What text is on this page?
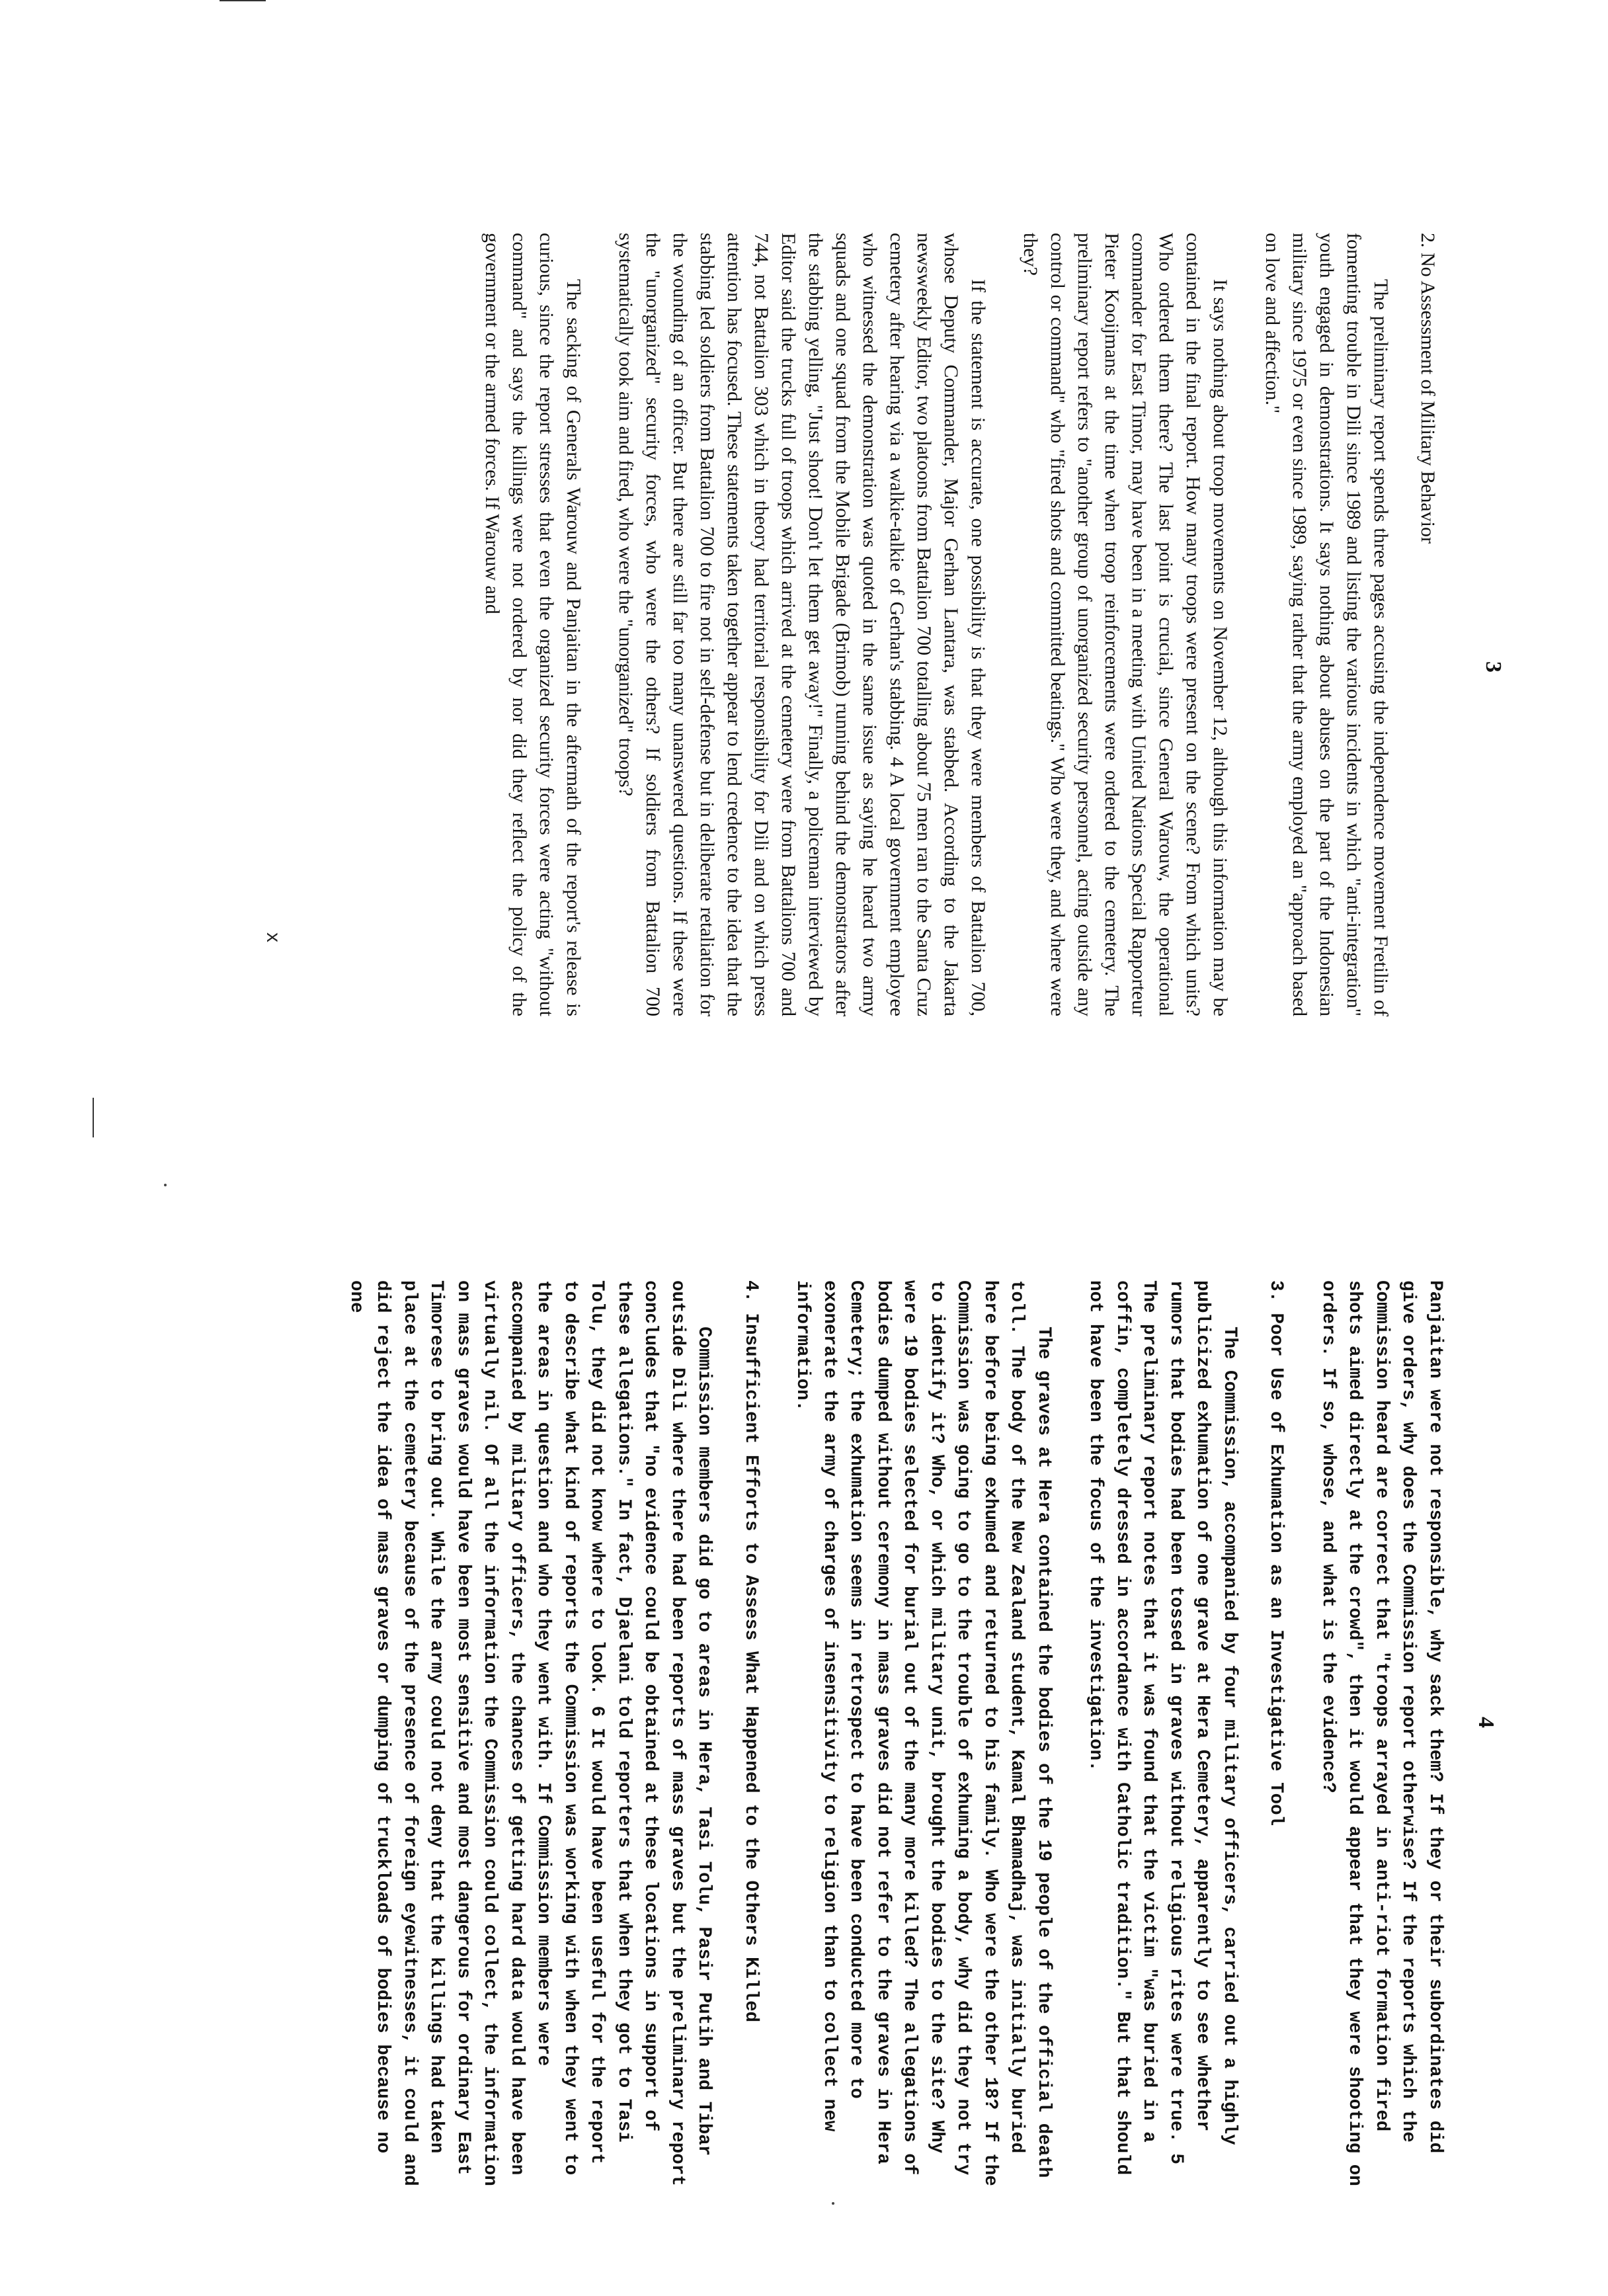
3

2. No Assessment of Military Behavior

The preliminary report spends three pages accusing the independence movement Fretilin of fomenting trouble in Dili since 1989 and listing the various incidents in which "anti-integration" youth engaged in demonstrations. It says nothing about abuses on the part of the Indonesian military since 1975 or even since 1989, saying rather that the army employed an "approach based on love and affection."

It says nothing about troop movements on November 12, although this information may be contained in the final report. How many troops were present on the scene? From which units? Who ordered them there? The last point is crucial, since General Warouw, the operational commander for East Timor, may have been in a meeting with United Nations Special Rapporteur Pieter Kooijmans at the time when troop reinforcements were ordered to the cemetery. The preliminary report refers to "another group of unorganized security personnel, acting outside any control or command" who "fired shots and committed beatings." Who were they, and where were they?

If the statement is accurate, one possibility is that they were members of Battalion 700, whose Deputy Commander, Major Gerhan Lantara, was stabbed. According to the Jakarta newsweekly Editor, two platoons from Battalion 700 totalling about 75 men ran to the Santa Cruz cemetery after hearing via a walkie-talkie of Gerhan's stabbing. 4 A local government employee who witnessed the demonstration was quoted in the same issue as saying he heard two army squads and one squad from the Mobile Brigade (Brimob) running behind the demonstrators after the stabbing yelling, "Just shoot! Don't let them get away!" Finally, a policeman interviewed by Editor said the trucks full of troops which arrived at the cemetery were from Battalions 700 and 744, not Battalion 303 which in theory had territorial responsibility for Dili and on which press attention has focused. These statements taken together appear to lend credence to the idea that the stabbing led soldiers from Battalion 700 to fire not in self-defense but in deliberate retaliation for the wounding of an officer. But there are still far too many unanswered questions. If these were the "unorganized" security forces, who were the others? If soldiers from Battalion 700 systematically took aim and fired, who were the "unorganized" troops?

The sacking of Generals Warouw and Panjaitan in the aftermath of the report's release is curious, since the report stresses that even the organized security forces were acting "without command" and says the killings were not ordered by nor did they reflect the policy of the government or the armed forces. If Warouw and

x
4

Panjaitan were not responsible, why sack them? If they or their subordinates did give orders, why does the Commission report otherwise? If the reports which the Commission heard are correct that "troops arrayed in anti-riot formation fired shots aimed directly at the crowd", then it would appear that they were shooting on orders. If so, whose, and what is the evidence?

3. Poor Use of Exhumation as an Investigative Tool

The Commission, accompanied by four military officers, carried out a highly publicized exhumation of one grave at Hera Cemetery, apparently to see whether rumors that bodies had been tossed in graves without religious rites were true. 5 The preliminary report notes that it was found that the victim "was buried in a coffin, completely dressed in accordance with Catholic tradition." But that should not have been the focus of the investigation.

The graves at Hera contained the bodies of the 19 people of the official death toll. The body of the New Zealand student, Kamal Bhamadhaj, was initially buried here before being exhumed and returned to his family. Who were the other 18? If the Commission was going to go to the trouble of exhuming a body, why did they not try to identify it? Who, or which military unit, brought the bodies to the site? Why were 19 bodies selected for burial out of the many more killed? The allegations of bodies dumped without ceremony in mass graves did not refer to the graves in Hera Cemetery; the exhumation seems in retrospect to have been conducted more to exonerate the army of charges of insensitivity to religion than to collect new information.

4. Insufficient Efforts to Assess What Happened to the Others Killed

Commission members did go to areas in Hera, Tasi Tolu, Pasir Putih and Tibar outside Dili where there had been reports of mass graves but the preliminary report concludes that "no evidence could be obtained at these locations in support of these allegations." In fact, Djaelani told reporters that when they got to Tasi Tolu, they did not know where to look. 6 It would have been useful for the report to describe what kind of reports the Commission was working with when they went to the areas in question and who they went with. If Commission members were accompanied by military officers, the chances of getting hard data would have been virtually nil. Of all the information the Commission could collect, the information on mass graves would have been most sensitive and most dangerous for ordinary East Timorese to bring out. While the army could not deny that the killings had taken place at the cemetery because of the presence of foreign eyewitnesses, it could and did reject the idea of mass graves or dumping of truckloads of bodies because no one
